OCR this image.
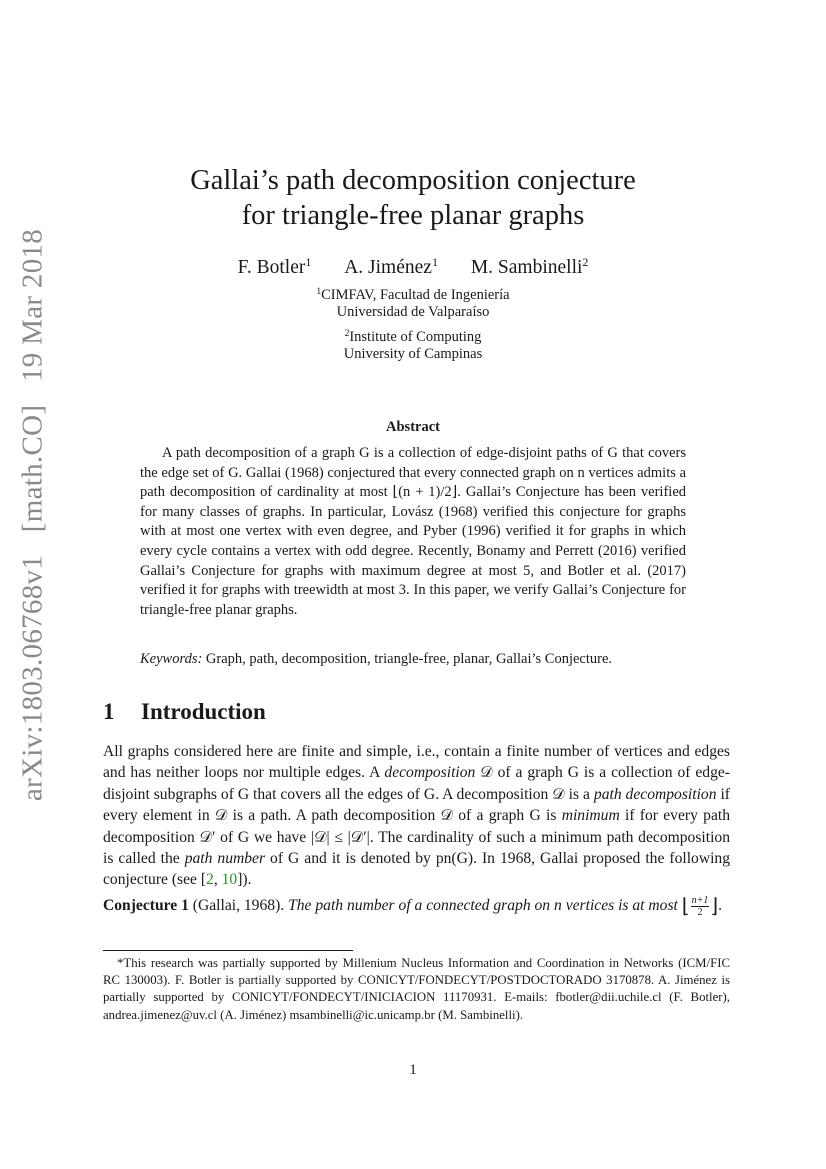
arXiv:1803.06768v1   [math.CO]   19 Mar 2018
Gallai’s path decomposition conjecture
for triangle-free planar graphs
F. Botler$^1$ A. Jiménez$^1$ M. Sambinelli$^2$
$^1$CIMFAV, Facultad de Ingeniería
Universidad de Valparaíso
$^2$Institute of Computing
University of Campinas
Abstract
A path decomposition of a graph G is a collection of edge-disjoint paths of G that covers the edge set of G. Gallai (1968) conjectured that every connected graph on n vertices admits a path decomposition of cardinality at most ⌊(n + 1)/2⌋. Gallai’s Conjecture has been verified for many classes of graphs. In particular, Lovász (1968) verified this conjecture for graphs with at most one vertex with even degree, and Pyber (1996) verified it for graphs in which every cycle contains a vertex with odd degree. Recently, Bonamy and Perrett (2016) verified Gallai’s Conjecture for graphs with maximum degree at most 5, and Botler et al. (2017) verified it for graphs with treewidth at most 3. In this paper, we verify Gallai’s Conjecture for triangle-free planar graphs.
Keywords: Graph, path, decomposition, triangle-free, planar, Gallai’s Conjecture.
1 Introduction
All graphs considered here are finite and simple, i.e., contain a finite number of vertices and edges and has neither loops nor multiple edges. A decomposition 𝒟 of a graph G is a collection of edge-disjoint subgraphs of G that covers all the edges of G. A decomposition 𝒟 is a path decomposition if every element in 𝒟 is a path. A path decomposition 𝒟 of a graph G is minimum if for every path decomposition 𝒟′ of G we have |𝒟| ≤ |𝒟′|. The cardinality of such a minimum path decomposition is called the path number of G and it is denoted by pn(G). In 1968, Gallai proposed the following conjecture (see [2, 10]).
Conjecture 1 (Gallai, 1968). The path number of a connected graph on n vertices is at most ⌊ $\frac{n+1}{2}$ ⌋.
*This research was partially supported by Millenium Nucleus Information and Coordination in Networks (ICM/FIC RC 130003). F. Botler is partially supported by CONICYT/FONDECYT/POSTDOCTORADO 3170878. A. Jiménez is partially supported by CONICYT/FONDECYT/INICIACION 11170931. E-mails: fbotler@dii.uchile.cl (F. Botler), andrea.jimenez@uv.cl (A. Jiménez) msambinelli@ic.unicamp.br (M. Sambinelli).
1
